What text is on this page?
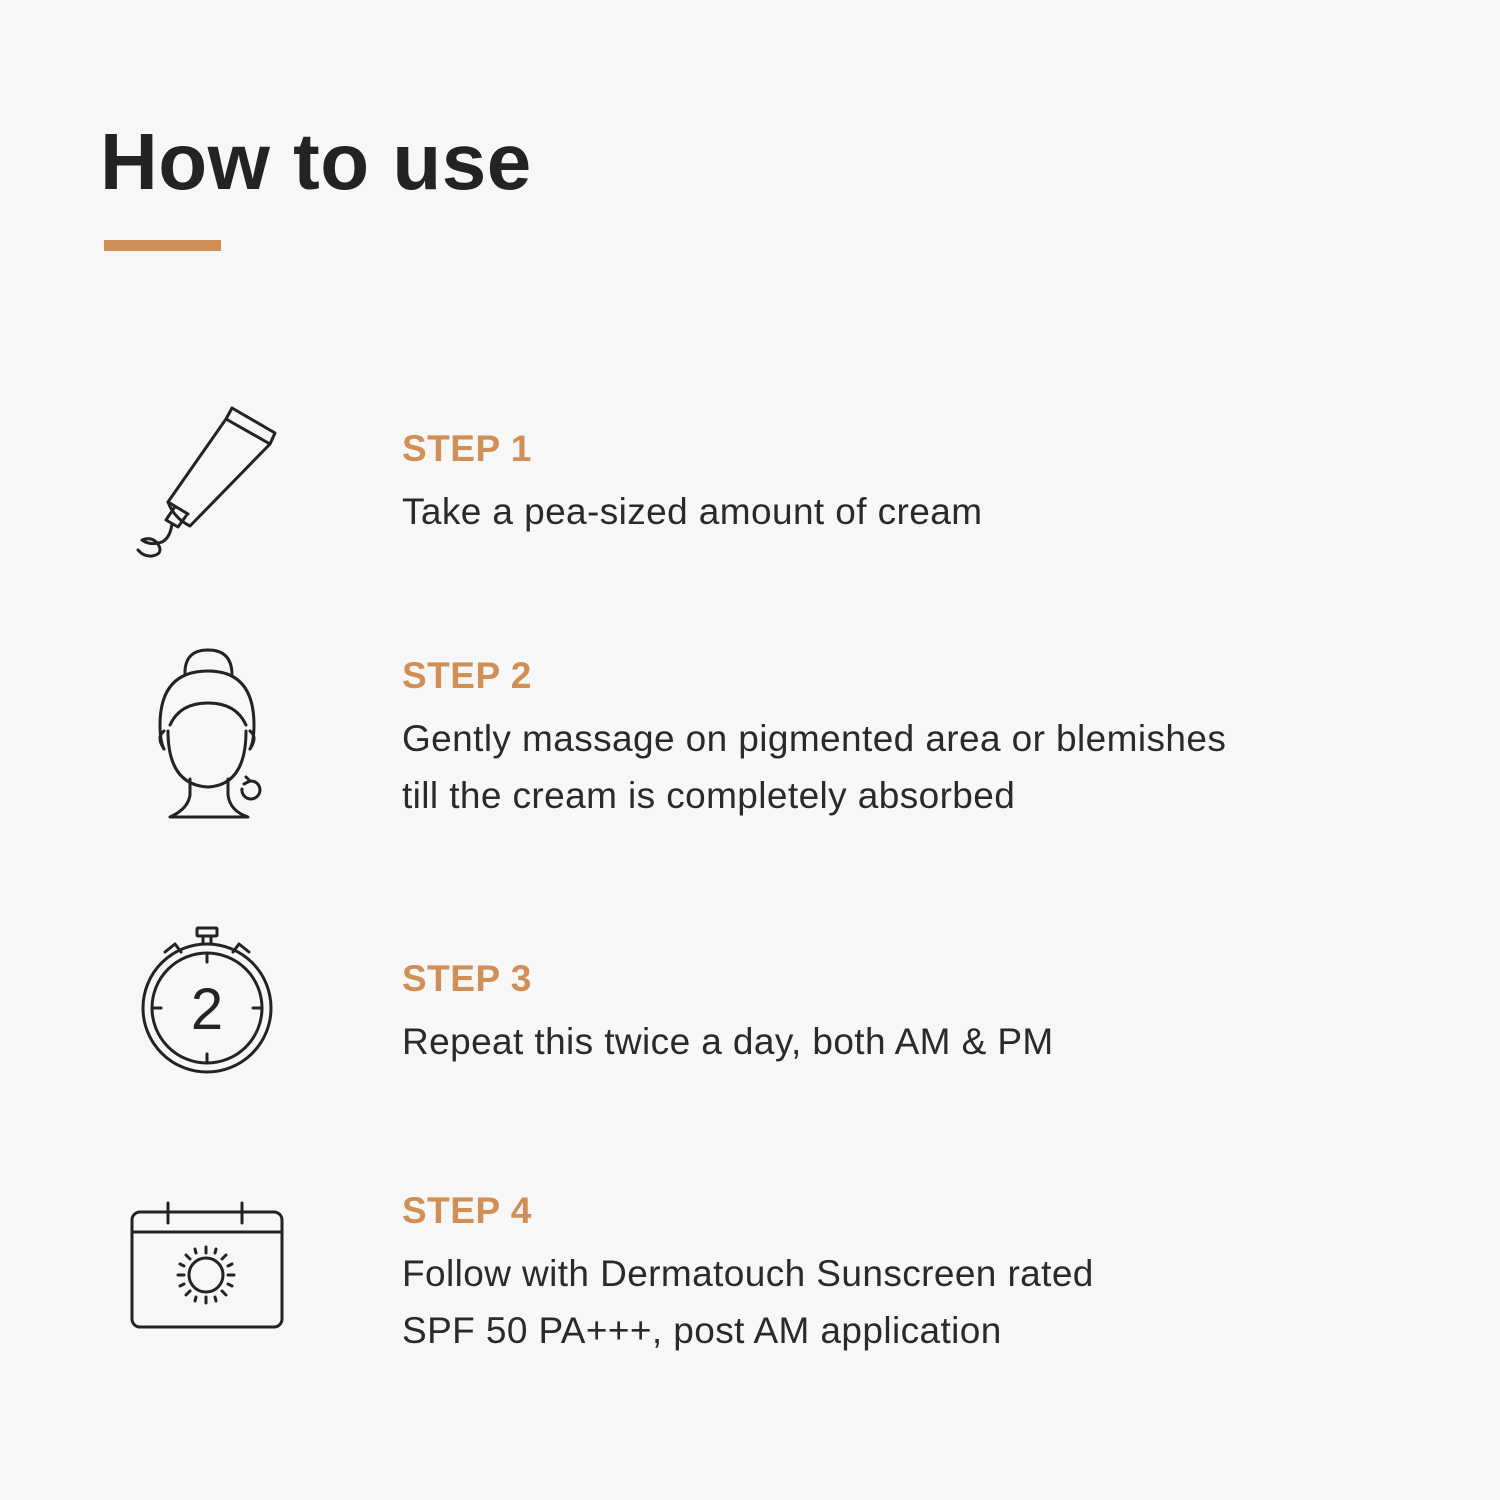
How to use
STEP 1
Take a pea-sized amount of cream
STEP 2
Gently massage on pigmented area or blemishes
till the cream is completely absorbed
2	STEP 3
Repeat this twice a day, both AM & PM
STEP 4
Follow with Dermatouch Sunscreen rated
SPF 50 PA+++, post AM application
